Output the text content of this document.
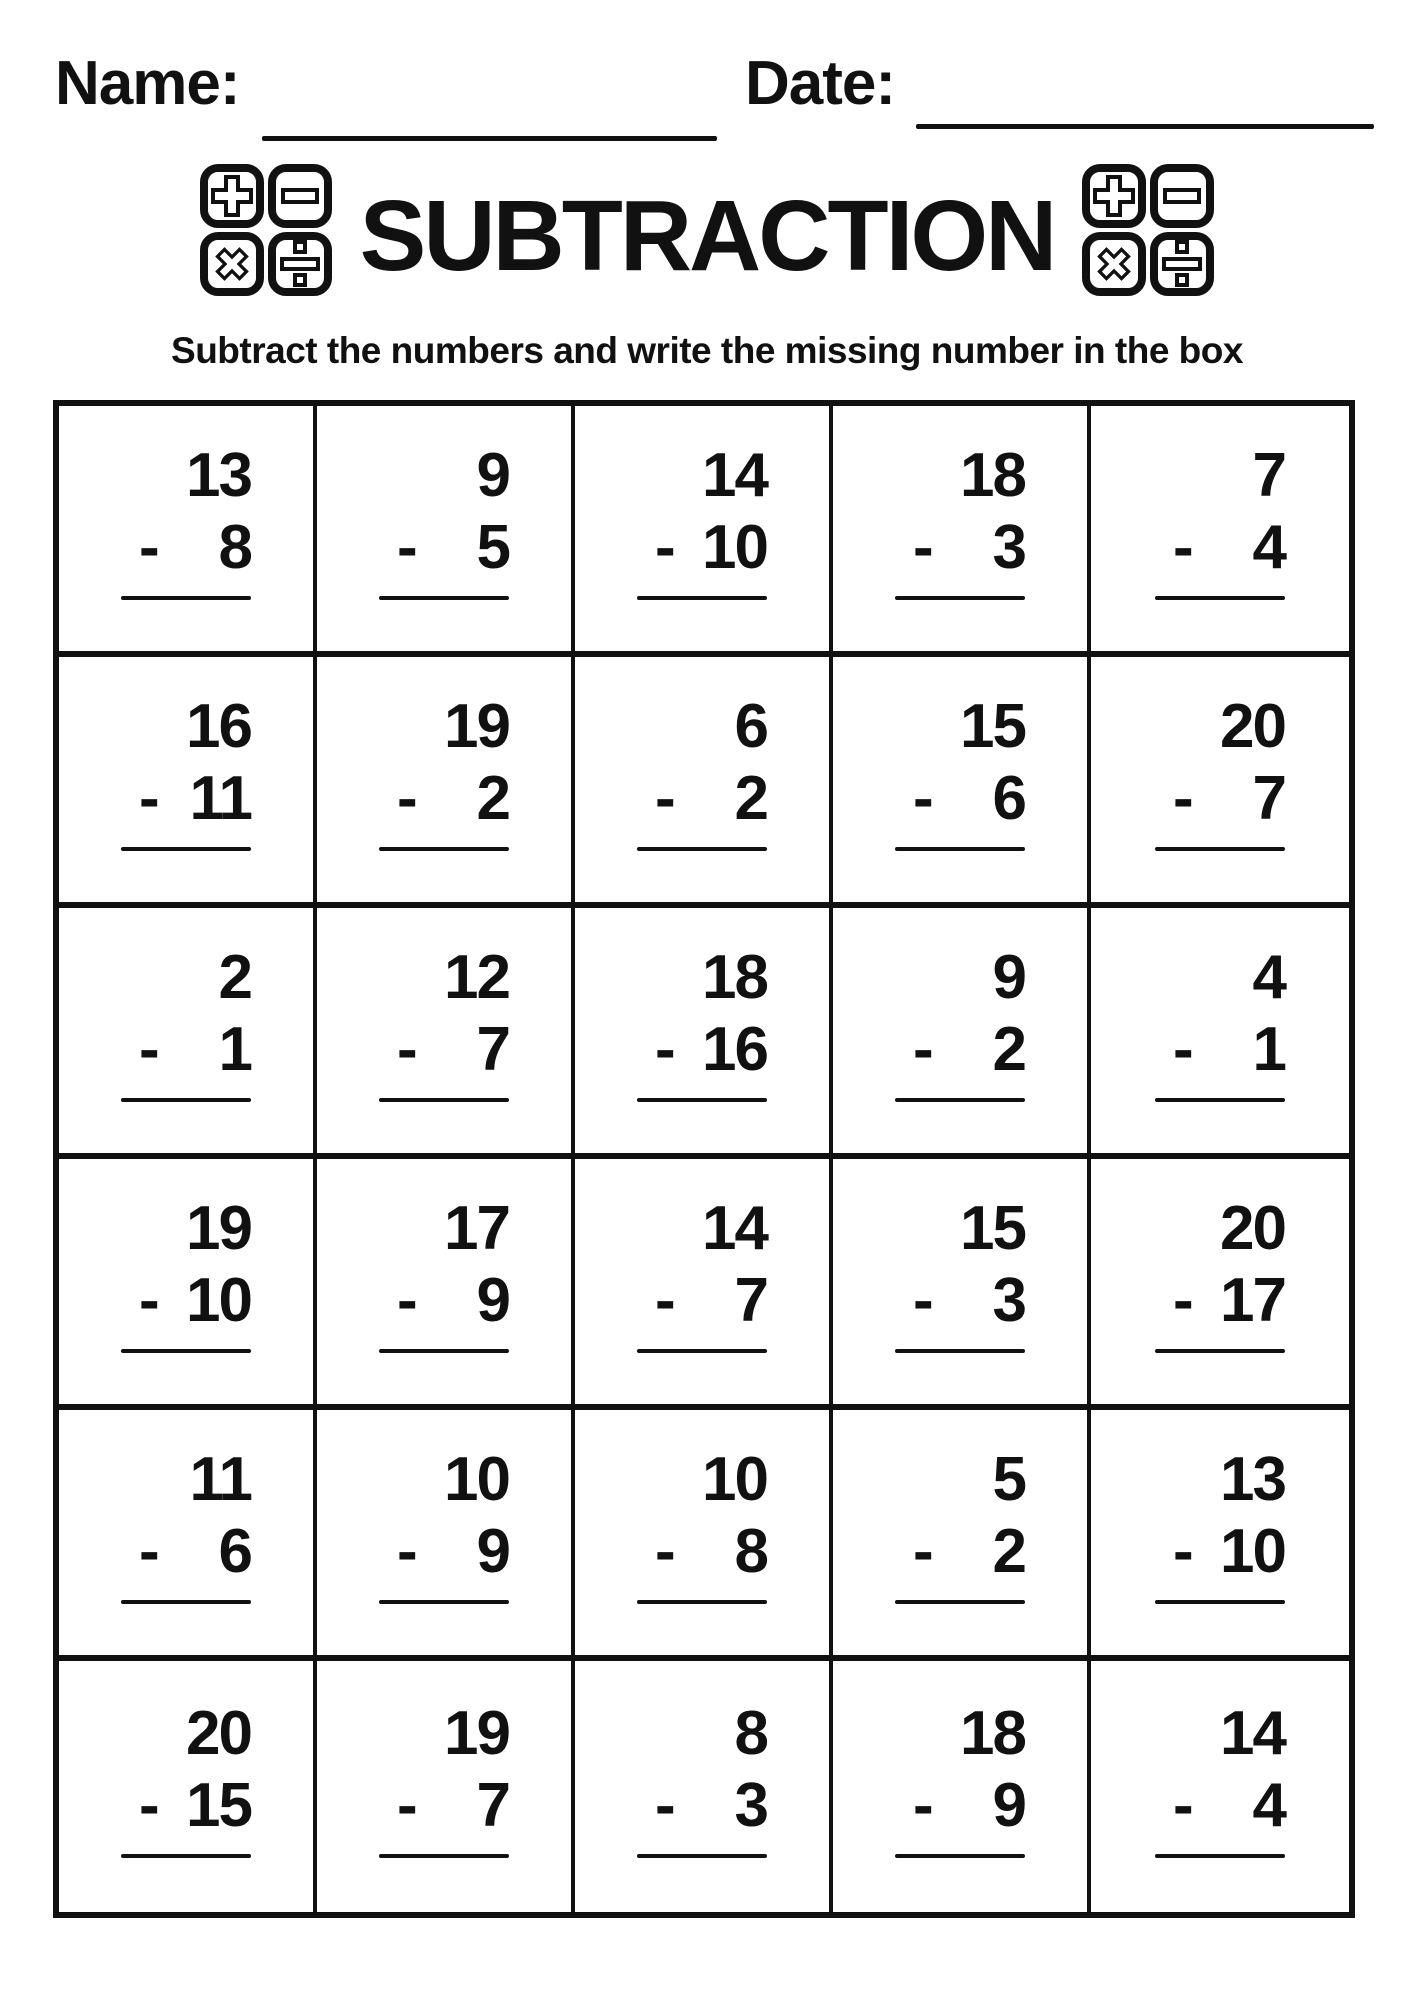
Name:	Date:
SUBTRACTION
Subtract the numbers and write the missing number in the box
13
- 8
9
- 5
14
- 10
18
- 3
7
- 4
16
- 11
19
- 2
6
- 2
15
- 6
20
- 7
2
- 1
12
- 7
18
- 16
9
- 2
4
- 1
19
- 10
17
- 9
14
- 7
15
- 3
20
- 17
11
- 6
10
- 9
10
- 8
5
- 2
13
- 10
20
- 15
19
- 7
8
- 3
18
- 9
14
- 4
